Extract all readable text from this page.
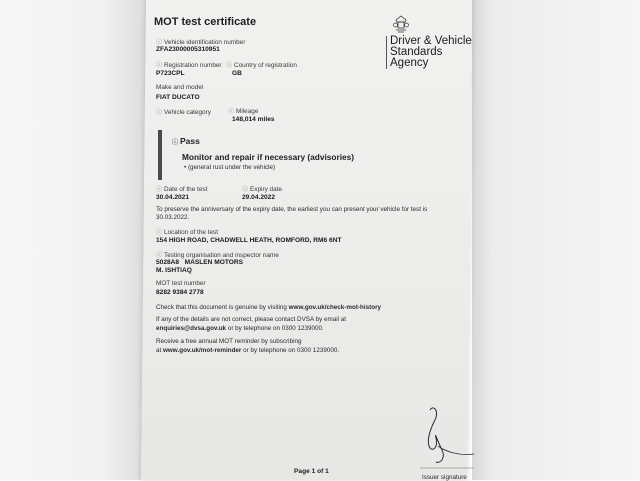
MOT test certificate
Driver & Vehicle
Standards
Agency
ⓘ Vehicle identification number
ZFA23000005310951
ⓘ Registration number
P723CPL
ⓘ Country of registration
GB
Make and model
FIAT DUCATO
ⓘ Vehicle category	ⓘ Mileage
148,014 miles
ⓘ Pass
Monitor and repair if necessary (advisories)
• (general rust under the vehicle)
ⓘ Date of the test
30.04.2021
ⓘ Expiry date
29.04.2022
To preserve the anniversary of the expiry date, the earliest you can present your vehicle for test is
30.03.2022.
ⓘ Location of the test
154 HIGH ROAD, CHADWELL HEATH, ROMFORD, RM6 6NT
ⓘ Testing organisation and inspector name
5028A8   MASLEN MOTORS
M. ISHTIAQ
MOT test number
8282 9384 2778
Check that this document is genuine by visiting www.gov.uk/check-mot-history
If any of the details are not correct, please contact DVSA by email at
enquiries@dvsa.gov.uk or by telephone on 0300 1239000.
Receive a free annual MOT reminder by subscribing
at www.gov.uk/mot-reminder or by telephone on 0300 1239000.
Page 1 of 1
Issuer signature
